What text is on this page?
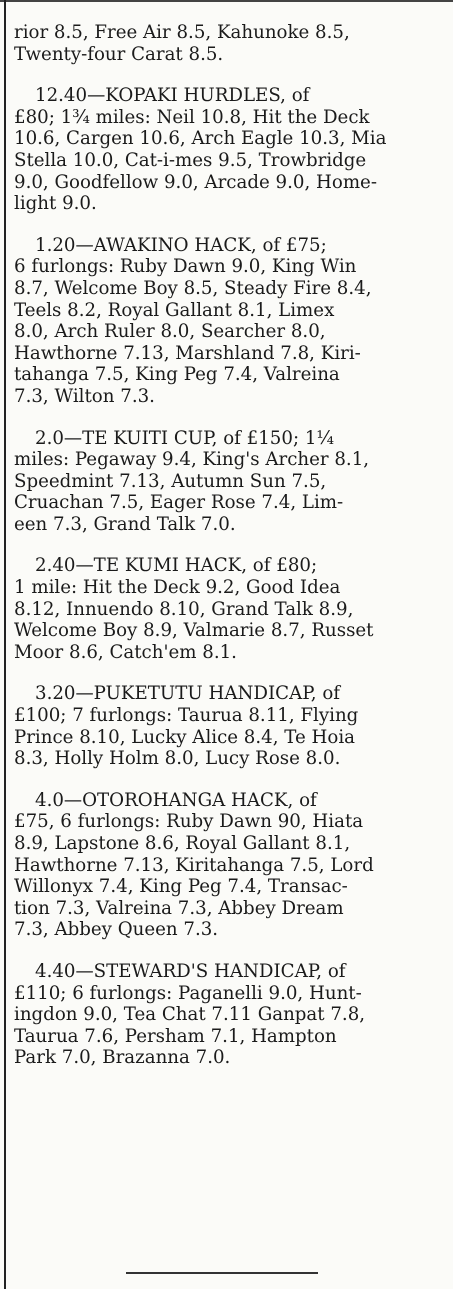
rior 8.5, Free Air 8.5, Kahunoke 8.5,
Twenty-four Carat 8.5.

12.40—KOPAKI HURDLES, of
£80; 1¾ miles: Neil 10.8, Hit the Deck
10.6, Cargen 10.6, Arch Eagle 10.3, Mia
Stella 10.0, Cat-i-mes 9.5, Trowbridge
9.0, Goodfellow 9.0, Arcade 9.0, Home-
light 9.0.

1.20—AWAKINO HACK, of £75;
6 furlongs: Ruby Dawn 9.0, King Win
8.7, Welcome Boy 8.5, Steady Fire 8.4,
Teels 8.2, Royal Gallant 8.1, Limex
8.0, Arch Ruler 8.0, Searcher 8.0,
Hawthorne 7.13, Marshland 7.8, Kiri-
tahanga 7.5, King Peg 7.4, Valreina
7.3, Wilton 7.3.

2.0—TE KUITI CUP, of £150; 1¼
miles: Pegaway 9.4, King's Archer 8.1,
Speedmint 7.13, Autumn Sun 7.5,
Cruachan 7.5, Eager Rose 7.4, Lim-
een 7.3, Grand Talk 7.0.

2.40—TE KUMI HACK, of £80;
1 mile: Hit the Deck 9.2, Good Idea
8.12, Innuendo 8.10, Grand Talk 8.9,
Welcome Boy 8.9, Valmarie 8.7, Russet
Moor 8.6, Catch'em 8.1.

3.20—PUKETUTU HANDICAP, of
£100; 7 furlongs: Taurua 8.11, Flying
Prince 8.10, Lucky Alice 8.4, Te Hoia
8.3, Holly Holm 8.0, Lucy Rose 8.0.

4.0—OTOROHANGA HACK, of
£75, 6 furlongs: Ruby Dawn 90, Hiata
8.9, Lapstone 8.6, Royal Gallant 8.1,
Hawthorne 7.13, Kiritahanga 7.5, Lord
Willonyx 7.4, King Peg 7.4, Transac-
tion 7.3, Valreina 7.3, Abbey Dream
7.3, Abbey Queen 7.3.

4.40—STEWARD'S HANDICAP, of
£110; 6 furlongs: Paganelli 9.0, Hunt-
ingdon 9.0, Tea Chat 7.11 Ganpat 7.8,
Taurua 7.6, Persham 7.1, Hampton
Park 7.0, Brazanna 7.0.
